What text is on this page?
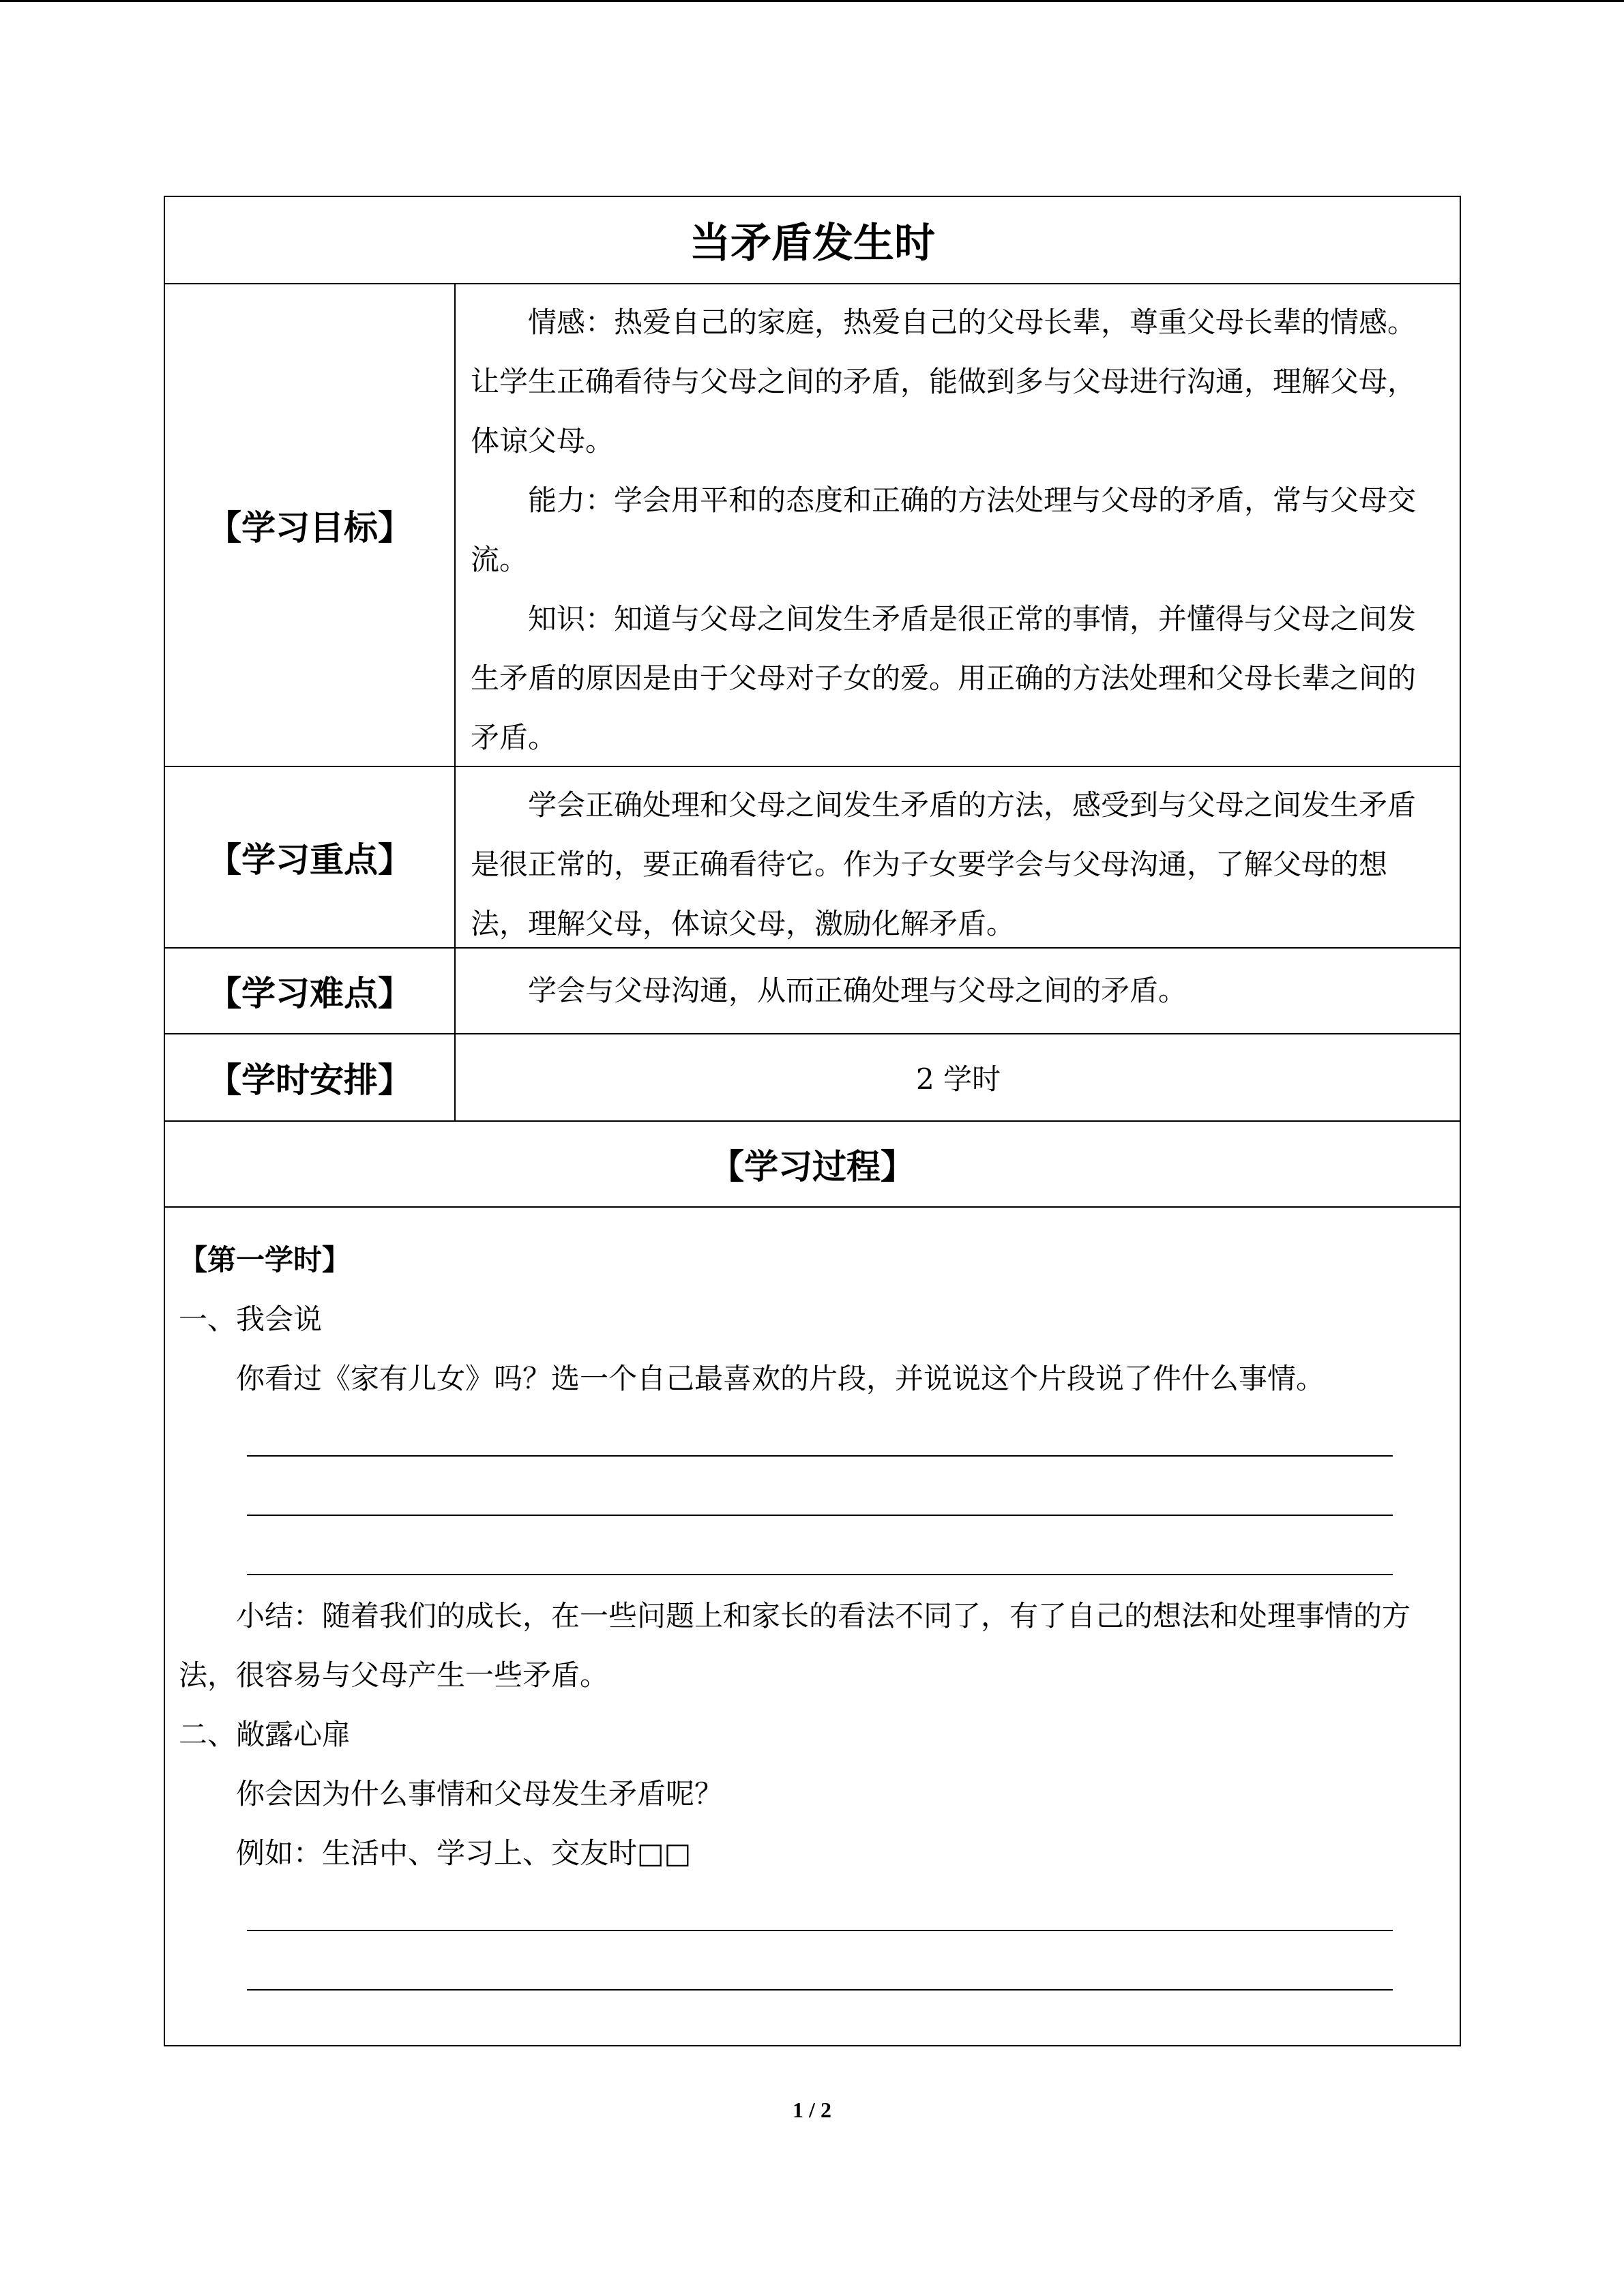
当矛盾发生时
【学习目标】

情感：热爱自己的家庭，热爱自己的父母长辈，尊重父母长辈的情感。让学生正确看待与父母之间的矛盾，能做到多与父母进行沟通，理解父母，体谅父母。

能力：学会用平和的态度和正确的方法处理与父母的矛盾，常与父母交流。

知识：知道与父母之间发生矛盾是很正常的事情，并懂得与父母之间发生矛盾的原因是由于父母对子女的爱。用正确的方法处理和父母长辈之间的矛盾。

【学习重点】

学会正确处理和父母之间发生矛盾的方法，感受到与父母之间发生矛盾是很正常的，要正确看待它。作为子女要学会与父母沟通，了解父母的想法，理解父母，体谅父母，激励化解矛盾。

【学习难点】	学会与父母沟通，从而正确处理与父母之间的矛盾。

【学时安排】	2 学时
【学习过程】

【第一学时】

一、我会说

你看过《家有儿女》吗？选一个自己最喜欢的片段，并说说这个片段说了件什么事情。

小结：随着我们的成长，在一些问题上和家长的看法不同了，有了自己的想法和处理事情的方法，很容易与父母产生一些矛盾。

二、敞露心扉

你会因为什么事情和父母发生矛盾呢？

例如：生活中、学习上、交友时□□

1 / 2
